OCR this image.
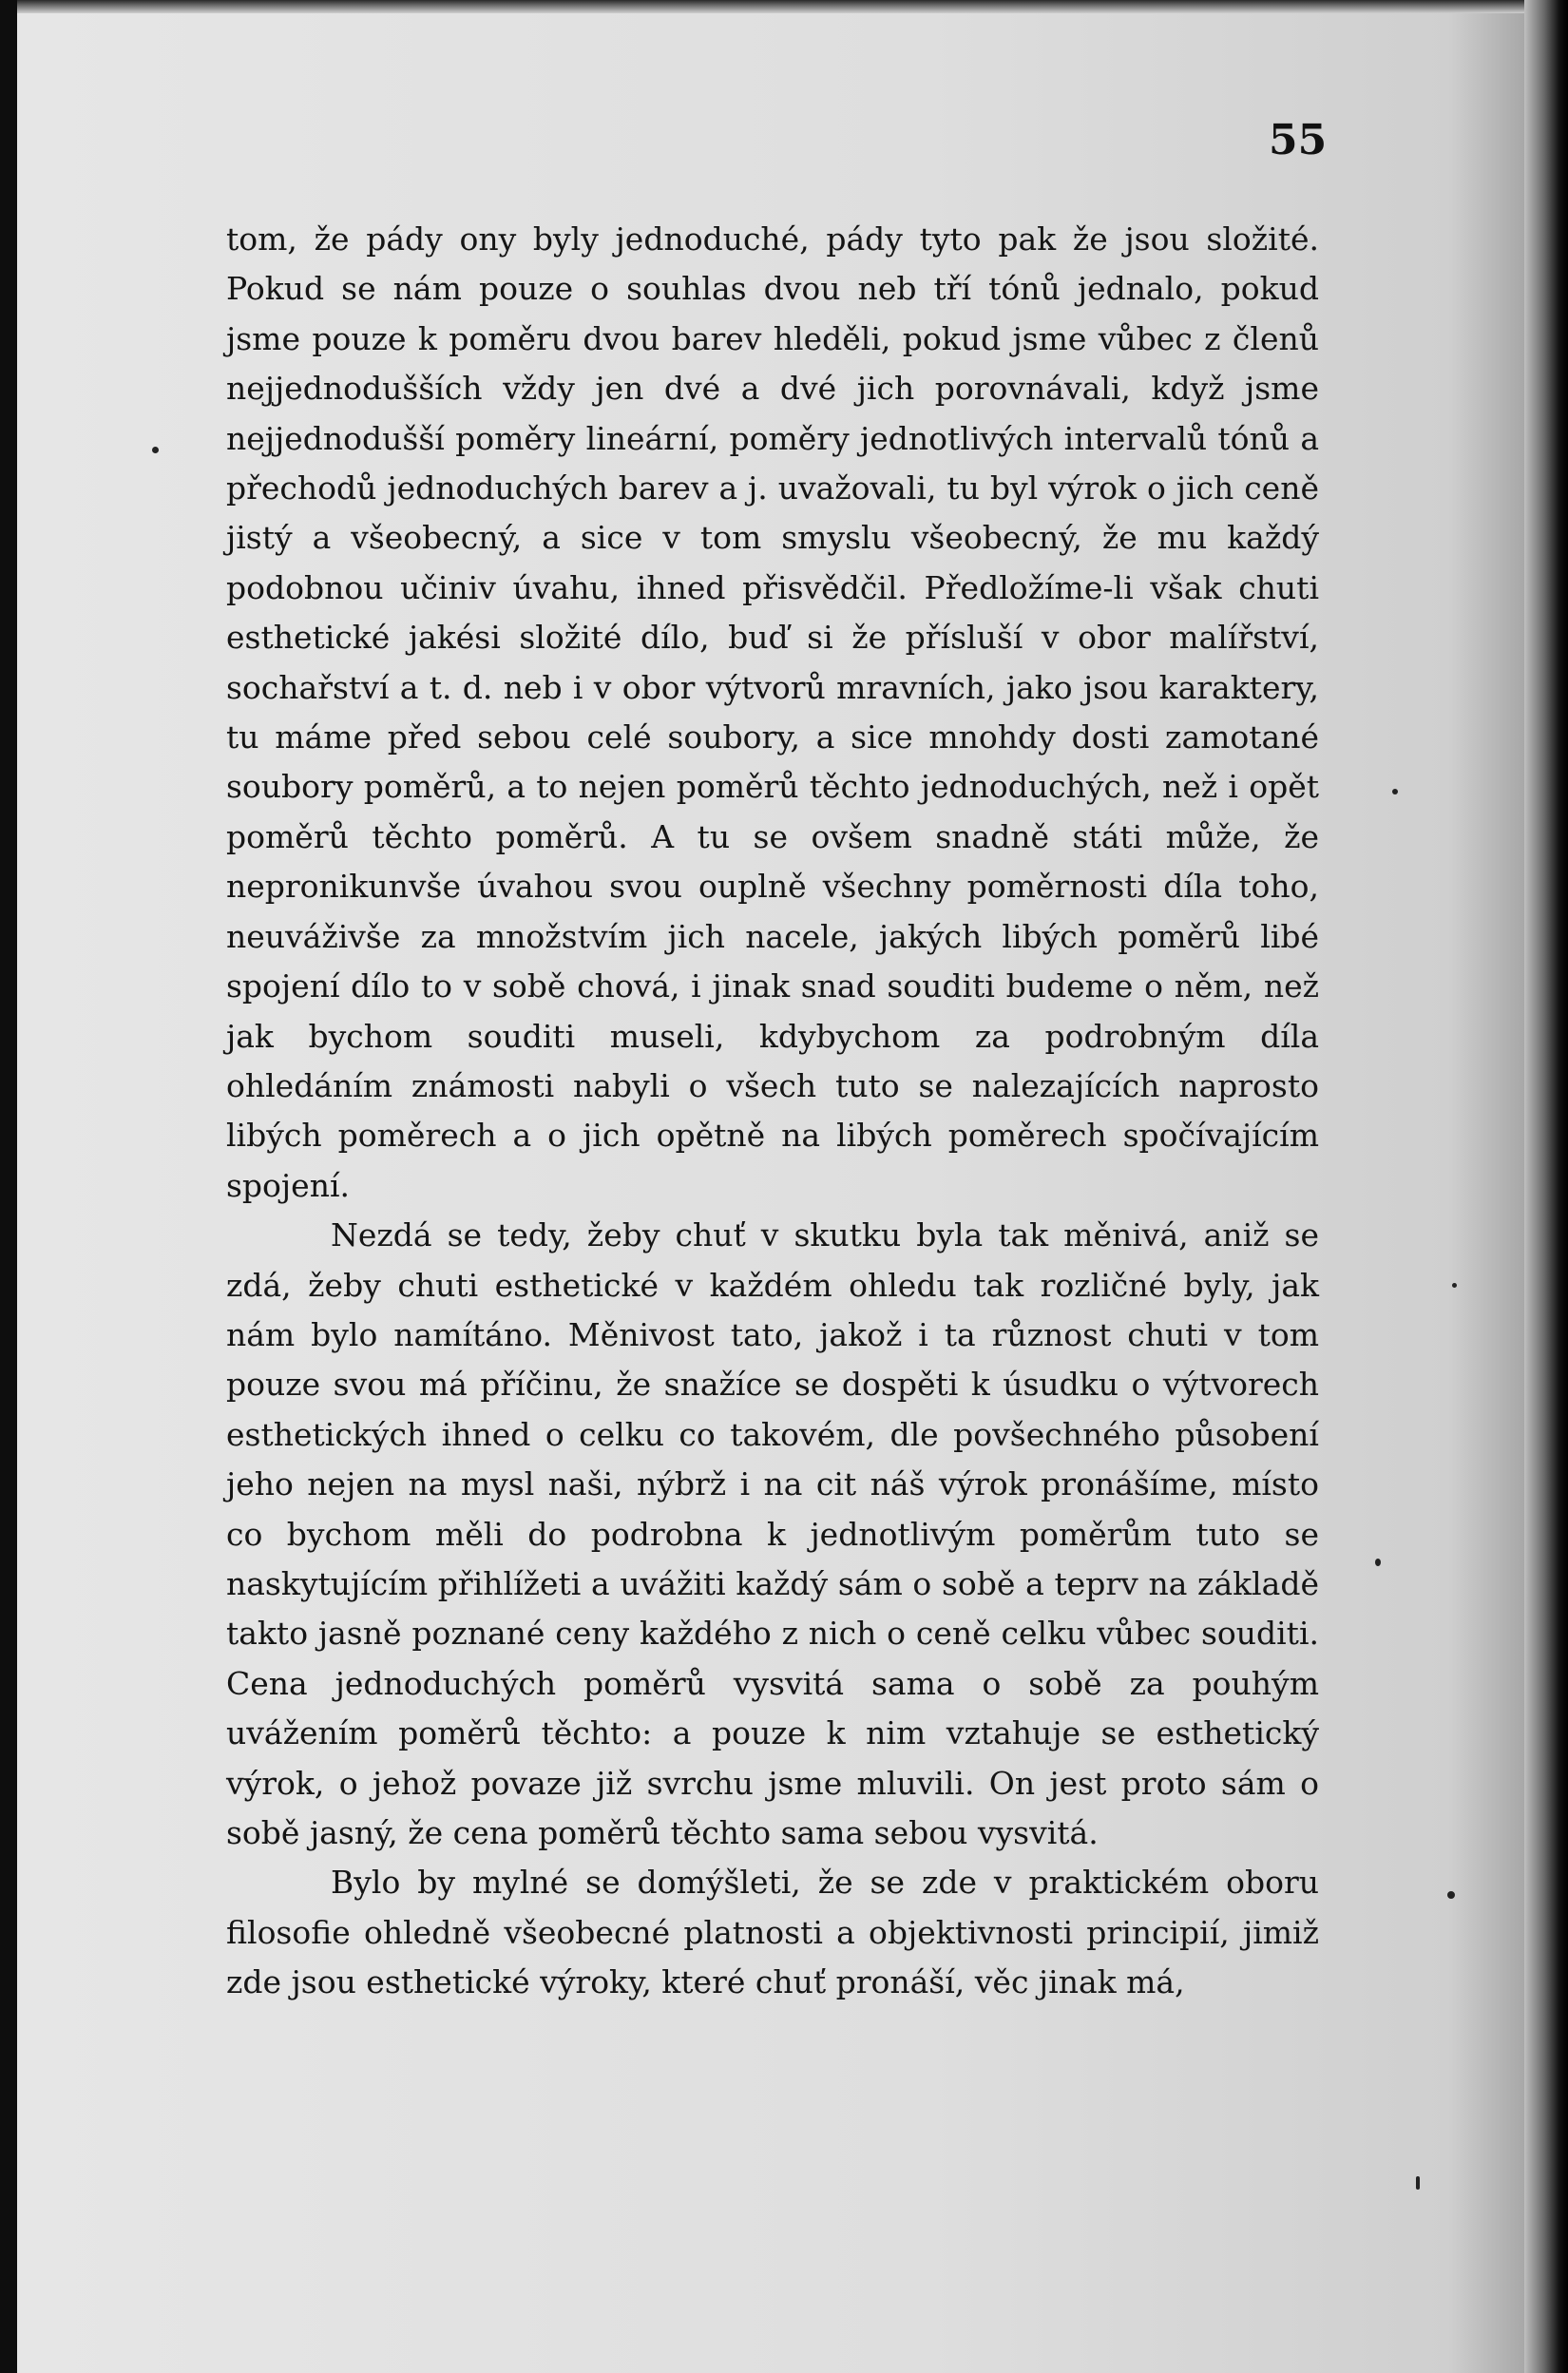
55

tom, že pády ony byly jednoduché, pády tyto pak že jsou složité. Pokud se nám pouze o souhlas dvou neb tří tónů jednalo, pokud jsme pouze k poměru dvou barev hleděli, pokud jsme vůbec z členů nejjednodušších vždy jen dvé a dvé jich porovnávali, když jsme nejjednodušší poměry lineární, poměry jednotlivých intervalů tónů a přechodů jednoduchých barev a j. uvažovali, tu byl výrok o jich ceně jistý a všeobecný, a sice v tom smyslu všeobecný, že mu každý podobnou učiniv úvahu, ihned přisvědčil. Předložíme-li však chuti esthetické jakési složité dílo, buď si že přísluší v obor malířství, sochařství a t. d. neb i v obor výtvorů mravních, jako jsou karaktery, tu máme před sebou celé soubory, a sice mnohdy dosti zamotané soubory poměrů, a to nejen poměrů těchto jednoduchých, než i opět poměrů těchto poměrů. A tu se ovšem snadně státi může, že nepronikunvše úvahou svou ouplně všechny poměrnosti díla toho, neuváživše za množstvím jich nacele, jakých libých poměrů libé spojení dílo to v sobě chová, i jinak snad souditi budeme o něm, než jak bychom souditi museli, kdybychom za podrobným díla ohledáním známosti nabyli o všech tuto se nalezajících naprosto libých poměrech a o jich opětně na libých poměrech spočívajícím spojení.

Nezdá se tedy, žeby chuť v skutku byla tak měnivá, aniž se zdá, žeby chuti esthetické v každém ohledu tak rozličné byly, jak nám bylo namítáno. Měnivost tato, jakož i ta různost chuti v tom pouze svou má příčinu, že snažíce se dospěti k úsudku o výtvorech esthetických ihned o celku co takovém, dle povšechného působení jeho nejen na mysl naši, nýbrž i na cit náš výrok pronášíme, místo co bychom měli do podrobna k jednotlivým poměrům tuto se naskytujícím přihlížeti a uvážiti každý sám o sobě a teprv na základě takto jasně poznané ceny každého z nich o ceně celku vůbec souditi. Cena jednoduchých poměrů vysvitá sama o sobě za pouhým uvážením poměrů těchto: a pouze k nim vztahuje se esthetický výrok, o jehož povaze již svrchu jsme mluvili. On jest proto sám o sobě jasný, že cena poměrů těchto sama sebou vysvitá.

Bylo by mylné se domýšleti, že se zde v praktickém oboru filosofie ohledně všeobecné platnosti a objektivnosti principií, jimiž zde jsou esthetické výroky, které chuť pronáší, věc jinak má,
